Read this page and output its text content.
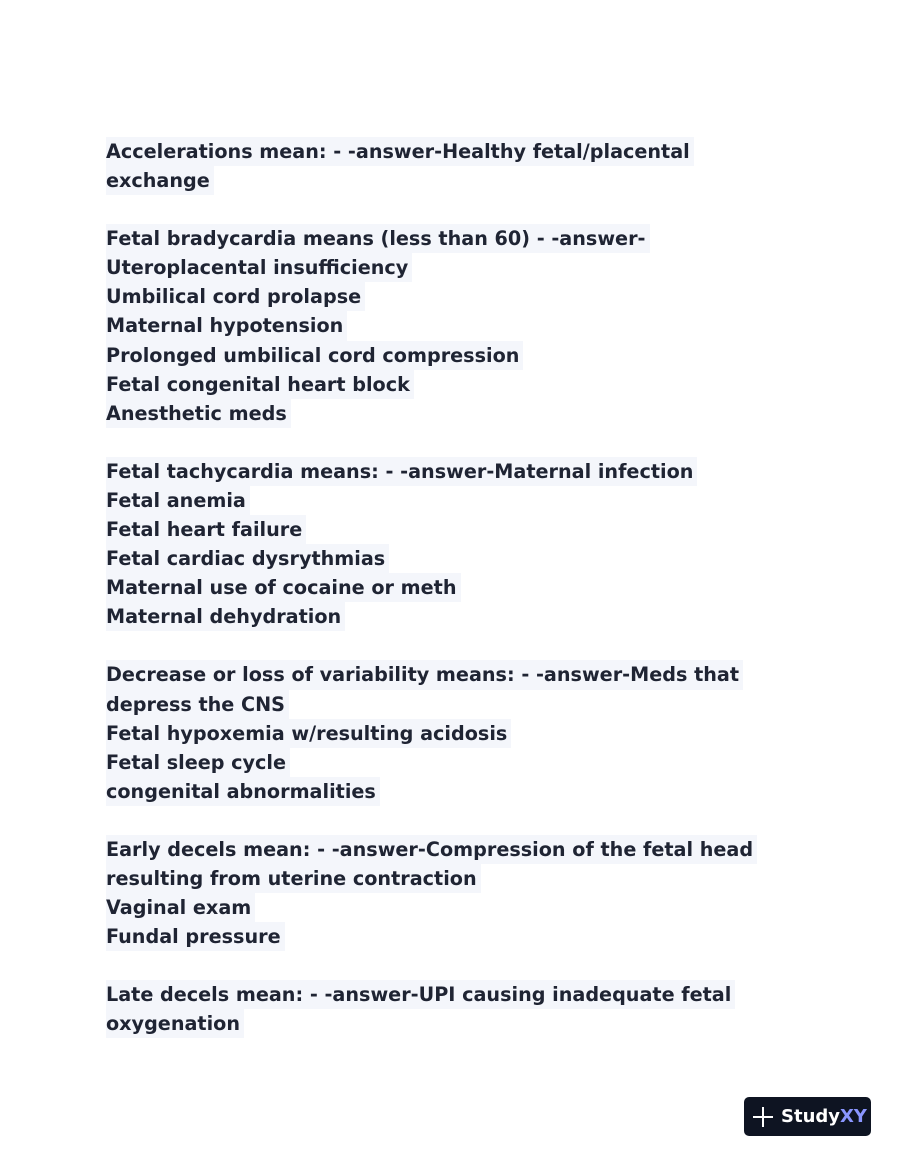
Accelerations mean: - -answer-Healthy fetal/placental
exchange
Fetal bradycardia means (less than 60) - -answer-
Uteroplacental insufficiency
Umbilical cord prolapse
Maternal hypotension
Prolonged umbilical cord compression
Fetal congenital heart block
Anesthetic meds
Fetal tachycardia means: - -answer-Maternal infection
Fetal anemia
Fetal heart failure
Fetal cardiac dysrythmias
Maternal use of cocaine or meth
Maternal dehydration
Decrease or loss of variability means: - -answer-Meds that
depress the CNS
Fetal hypoxemia w/resulting acidosis
Fetal sleep cycle
congenital abnormalities
Early decels mean: - -answer-Compression of the fetal head
resulting from uterine contraction
Vaginal exam
Fundal pressure
Late decels mean: - -answer-UPI causing inadequate fetal
oxygenation
Study XY
